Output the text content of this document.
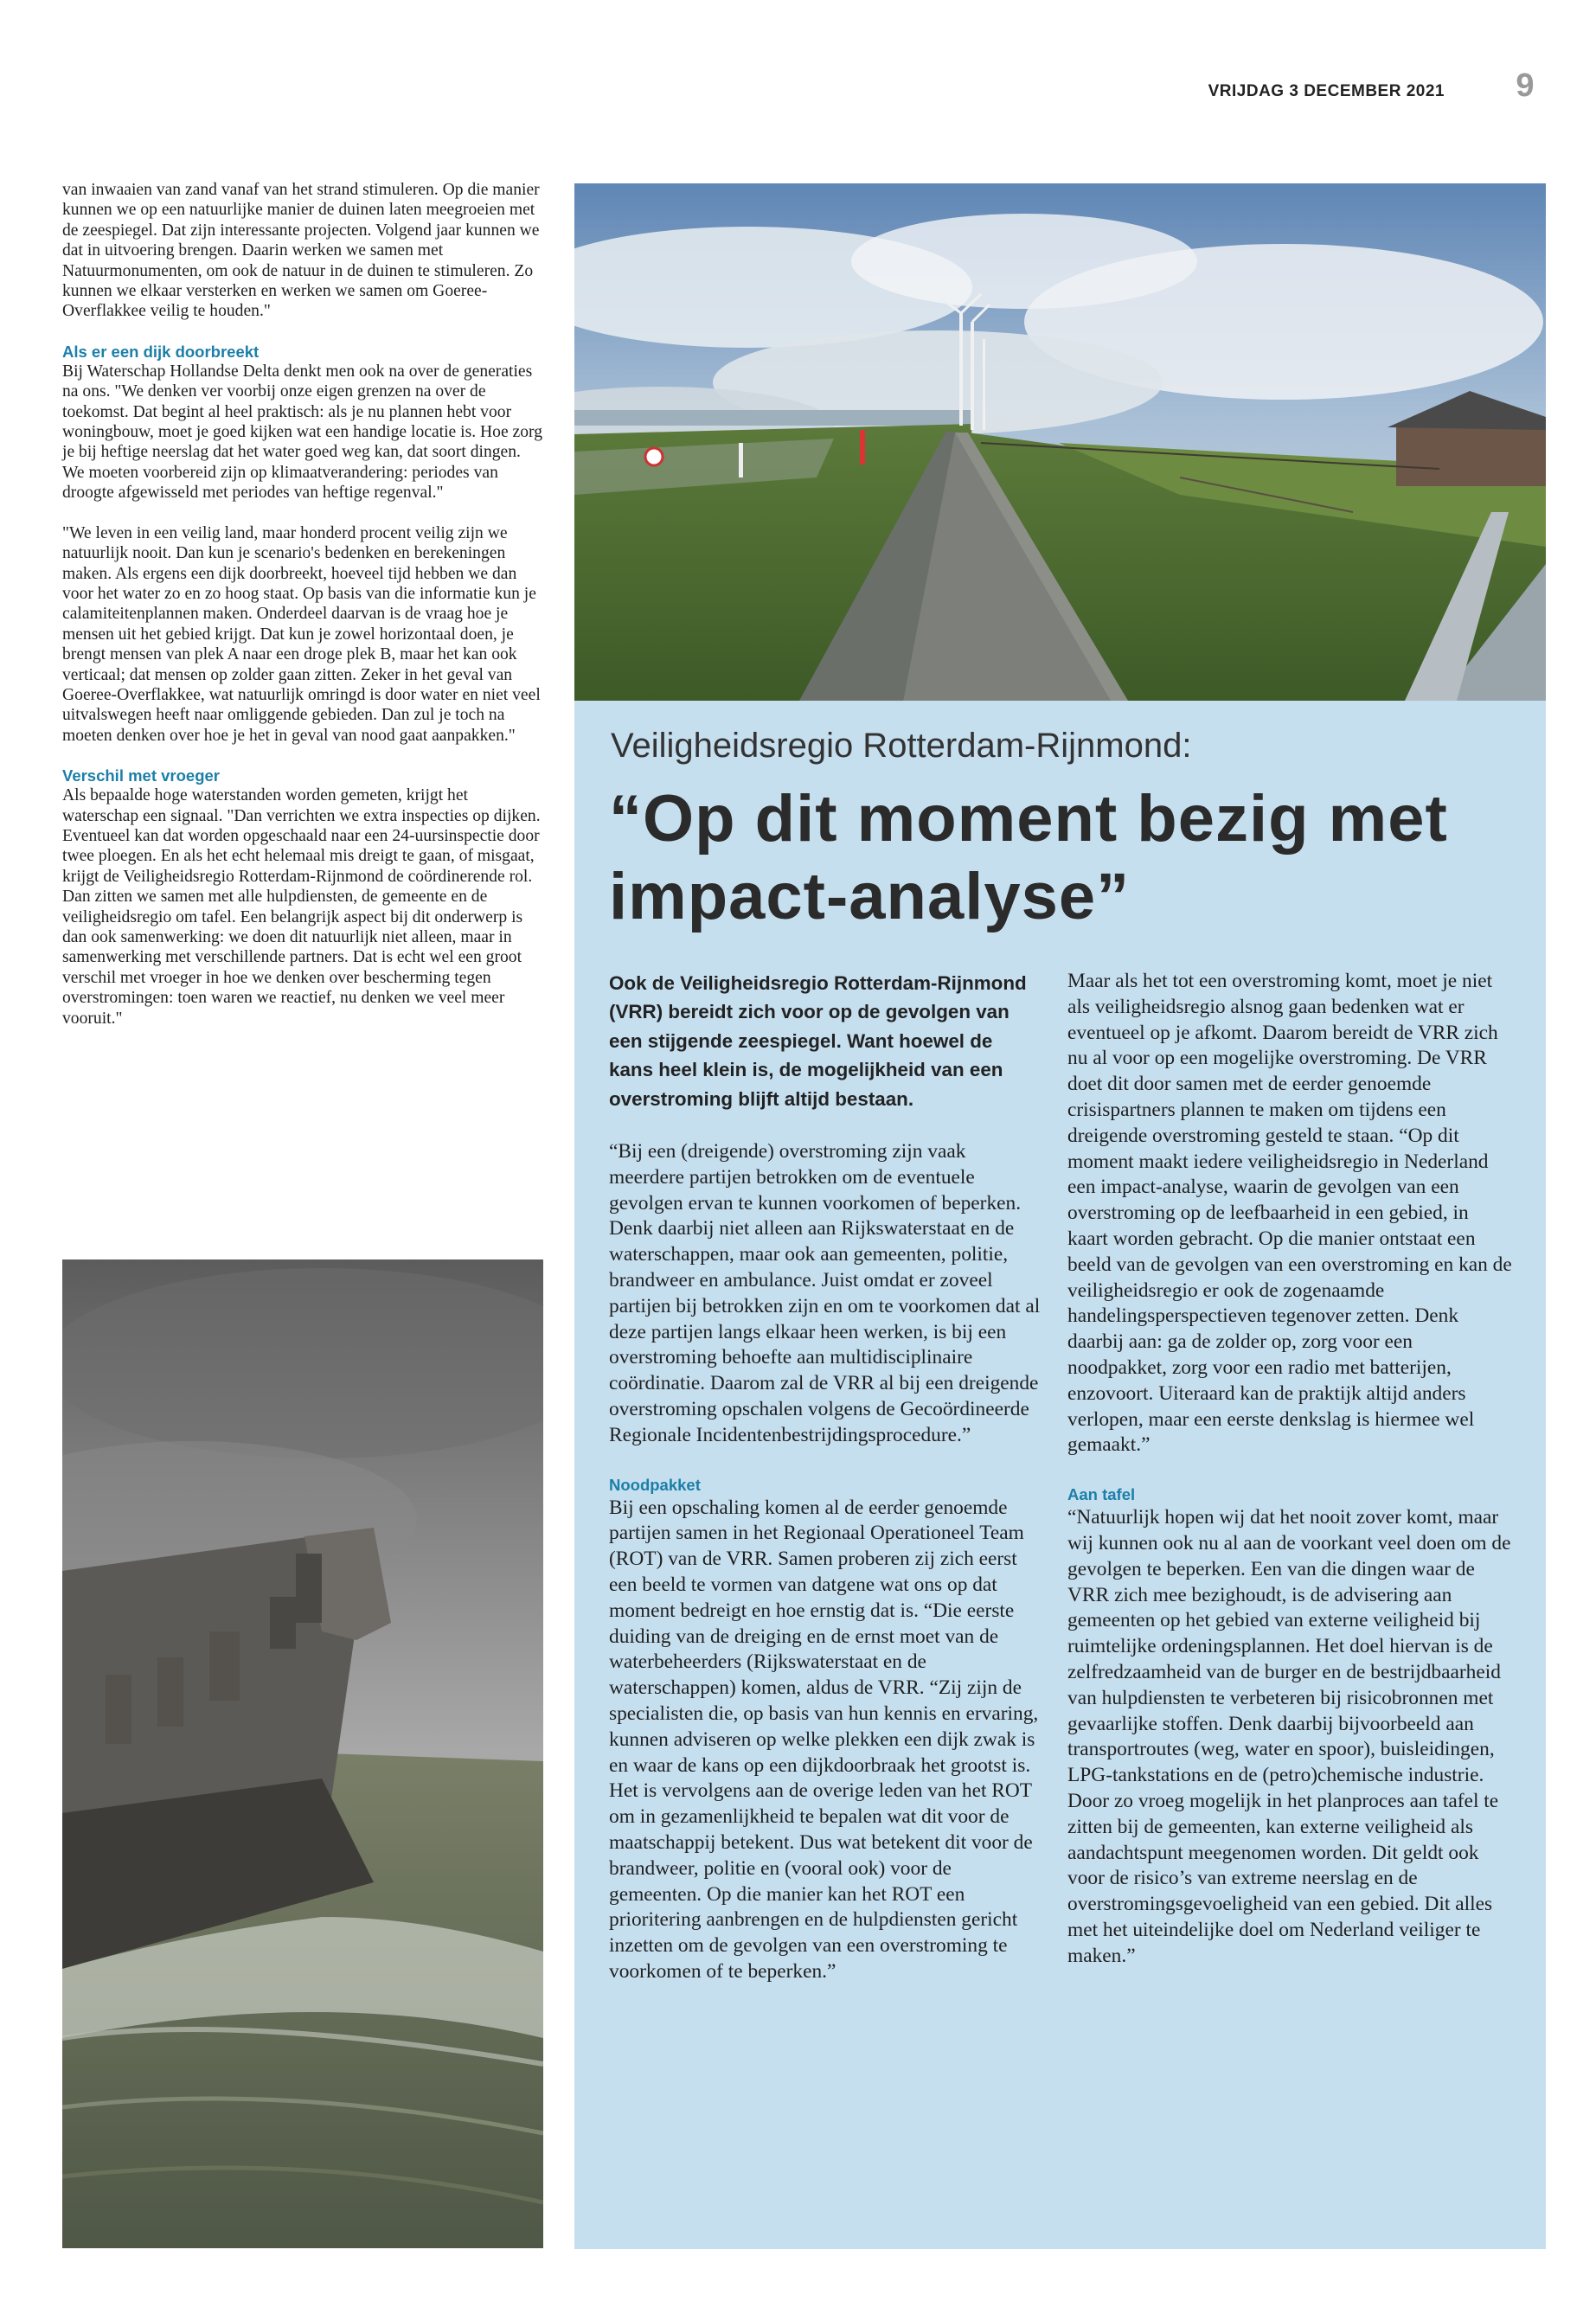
VRIJDAG 3 DECEMBER 2021	9

van inwaaien van zand vanaf van het strand stimuleren. Op die manier kunnen we op een natuurlijke manier de duinen laten meegroeien met de zeespiegel. Dat zijn interessante projecten. Volgend jaar kunnen we dat in uitvoering brengen. Daarin werken we samen met Natuurmonumenten, om ook de natuur in de duinen te stimuleren. Zo kunnen we elkaar versterken en werken we samen om Goeree-Overflakkee veilig te houden."

Als er een dijk doorbreekt
Bij Waterschap Hollandse Delta denkt men ook na over de generaties na ons. "We denken ver voorbij onze eigen grenzen na over de toekomst. Dat begint al heel praktisch: als je nu plannen hebt voor woningbouw, moet je goed kijken wat een handige locatie is. Hoe zorg je bij heftige neerslag dat het water goed weg kan, dat soort dingen. We moeten voorbereid zijn op klimaatverandering: periodes van droogte afgewisseld met periodes van heftige regenval."

"We leven in een veilig land, maar honderd procent veilig zijn we natuurlijk nooit. Dan kun je scenario's bedenken en berekeningen maken. Als ergens een dijk doorbreekt, hoeveel tijd hebben we dan voor het water zo en zo hoog staat. Op basis van die informatie kun je calamiteitenplannen maken. Onderdeel daarvan is de vraag hoe je mensen uit het gebied krijgt. Dat kun je zowel horizontaal doen, je brengt mensen van plek A naar een droge plek B, maar het kan ook verticaal; dat mensen op zolder gaan zitten. Zeker in het geval van Goeree-Overflakkee, wat natuurlijk omringd is door water en niet veel uitvalswegen heeft naar omliggende gebieden. Dan zul je toch na moeten denken over hoe je het in geval van nood gaat aanpakken."

Verschil met vroeger
Als bepaalde hoge waterstanden worden gemeten, krijgt het waterschap een signaal. "Dan verrichten we extra inspecties op dijken. Eventueel kan dat worden opgeschaald naar een 24-uursinspectie door twee ploegen. En als het echt helemaal mis dreigt te gaan, of misgaat, krijgt de Veiligheidsregio Rotterdam-Rijnmond de coördinerende rol. Dan zitten we samen met alle hulpdiensten, de gemeente en de veiligheidsregio om tafel. Een belangrijk aspect bij dit onderwerp is dan ook samenwerking: we doen dit natuurlijk niet alleen, maar in samenwerking met verschillende partners. Dat is echt wel een groot verschil met vroeger in hoe we denken over bescherming tegen overstromingen: toen waren we reactief, nu denken we veel meer vooruit."

Veiligheidsregio Rotterdam-Rijnmond:
“Op dit moment bezig met impact-analyse”

Ook de Veiligheidsregio Rotterdam-Rijnmond (VRR) bereidt zich voor op de gevolgen van een stijgende zeespiegel. Want hoewel de kans heel klein is, de mogelijkheid van een overstroming blijft altijd bestaan.

“Bij een (dreigende) overstroming zijn vaak meerdere partijen betrokken om de eventuele gevolgen ervan te kunnen voorkomen of beperken. Denk daarbij niet alleen aan Rijkswaterstaat en de waterschappen, maar ook aan gemeenten, politie, brandweer en ambulance. Juist omdat er zoveel partijen bij betrokken zijn en om te voorkomen dat al deze partijen langs elkaar heen werken, is bij een overstroming behoefte aan multidisciplinaire coördinatie. Daarom zal de VRR al bij een dreigende overstroming opschalen volgens de Gecoördineerde Regionale Incidentenbestrijdingsprocedure.”

Noodpakket
Bij een opschaling komen al de eerder genoemde partijen samen in het Regionaal Operationeel Team (ROT) van de VRR. Samen proberen zij zich eerst een beeld te vormen van datgene wat ons op dat moment bedreigt en hoe ernstig dat is. “Die eerste duiding van de dreiging en de ernst moet van de waterbeheerders (Rijkswaterstaat en de waterschappen) komen, aldus de VRR. “Zij zijn de specialisten die, op basis van hun kennis en ervaring, kunnen adviseren op welke plekken een dijk zwak is en waar de kans op een dijkdoorbraak het grootst is. Het is vervolgens aan de overige leden van het ROT om in gezamenlijkheid te bepalen wat dit voor de maatschappij betekent. Dus wat betekent dit voor de brandweer, politie en (vooral ook) voor de gemeenten. Op die manier kan het ROT een prioritering aanbrengen en de hulpdiensten gericht inzetten om de gevolgen van een overstroming te voorkomen of te beperken.”

Maar als het tot een overstroming komt, moet je niet als veiligheidsregio alsnog gaan bedenken wat er eventueel op je afkomt. Daarom bereidt de VRR zich nu al voor op een mogelijke overstroming. De VRR doet dit door samen met de eerder genoemde crisispartners plannen te maken om tijdens een dreigende overstroming gesteld te staan. “Op dit moment maakt iedere veiligheidsregio in Nederland een impact-analyse, waarin de gevolgen van een overstroming op de leefbaarheid in een gebied, in kaart worden gebracht. Op die manier ontstaat een beeld van de gevolgen van een overstroming en kan de veiligheidsregio er ook de zogenaamde handelingsperspectieven tegenover zetten. Denk daarbij aan: ga de zolder op, zorg voor een noodpakket, zorg voor een radio met batterijen, enzovoort. Uiteraard kan de praktijk altijd anders verlopen, maar een eerste denkslag is hiermee wel gemaakt.”

Aan tafel
“Natuurlijk hopen wij dat het nooit zover komt, maar wij kunnen ook nu al aan de voorkant veel doen om de gevolgen te beperken. Een van die dingen waar de VRR zich mee bezighoudt, is de advisering aan gemeenten op het gebied van externe veiligheid bij ruimtelijke ordeningsplannen. Het doel hiervan is de zelfredzaamheid van de burger en de bestrijdbaarheid van hulpdiensten te verbeteren bij risicobronnen met gevaarlijke stoffen. Denk daarbij bijvoorbeeld aan transportroutes (weg, water en spoor), buisleidingen, LPG-tankstations en de (petro)chemische industrie. Door zo vroeg mogelijk in het planproces aan tafel te zitten bij de gemeenten, kan externe veiligheid als aandachtspunt meegenomen worden. Dit geldt ook voor de risico’s van extreme neerslag en de overstromingsgevoeligheid van een gebied. Dit alles met het uiteindelijke doel om Nederland veiliger te maken.”
